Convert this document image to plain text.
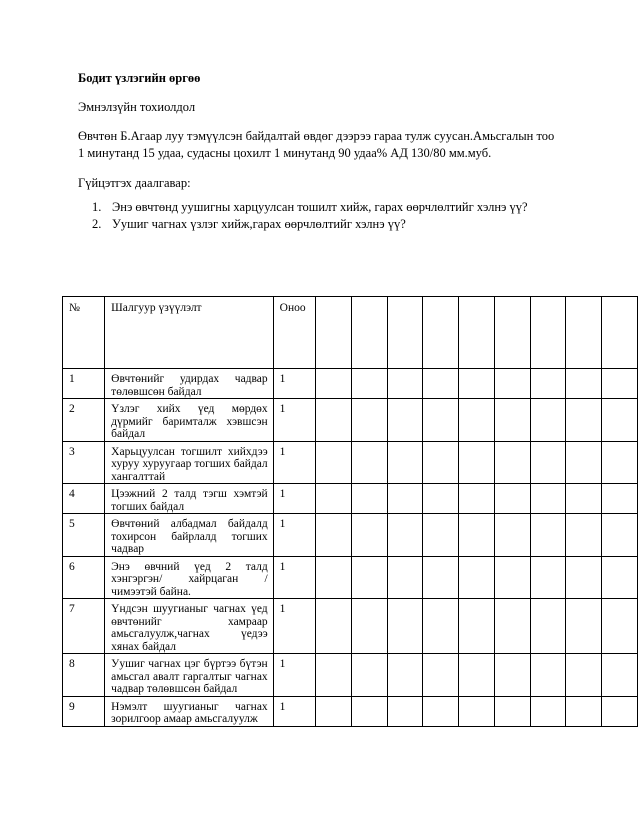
Бодит үзлэгийн өргөө
Эмнэлзүйн тохиолдол
Өвчтөн Б.Агаар луу тэмүүлсэн байдалтай өвдөг дээрээ гараа тулж суусан.Амьсгалын тоо 1 минутанд 15 удаа, судасны цохилт 1 минутанд 90 удаа% АД 130/80 мм.муб.
Гүйцэтгэх даалгавар:
1. Энэ өвчтөнд уушигны харцуулсан тошилт хийж, гарах өөрчлөлтийг хэлнэ үү?
2. Уушиг чагнах үзлэг хийж,гарах өөрчлөлтийг хэлнэ үү?
№	Шалгуур үзүүлэлт	Оноо									
1	Өвчтөнийг удирдах чадвар төлөвшсөн байдал	1									
2	Үзлэг хийх үед мөрдөх дүрмийг баримталж хэвшсэн байдал	1									
3	Харьцуулсан тогшилт хийхдээ хуруу хуруугаар тогших байдал хангалттай	1									
4	Цээжний 2 талд тэгш хэмтэй тогших байдал	1									
5	Өвчтөний албадмал байдалд тохирсон байрлалд тогших чадвар	1									
6	Энэ өвчний үед 2 талд хэнгэргэн/ хайрцаган / чимээтэй байна.	1									
7	Үндсэн шуугианыг чагнах үед өвчтөнийг хамраар амьсгалуулж,чагнах үедээ хянах байдал	1									
8	Уушиг чагнах цэг бүртээ бүтэн амьсгал авалт гаргалтыг чагнах чадвар төлөвшсөн байдал	1									
9	Нэмэлт шуугианыг чагнах зорилгоор амаар амьсгалуулж	1									
